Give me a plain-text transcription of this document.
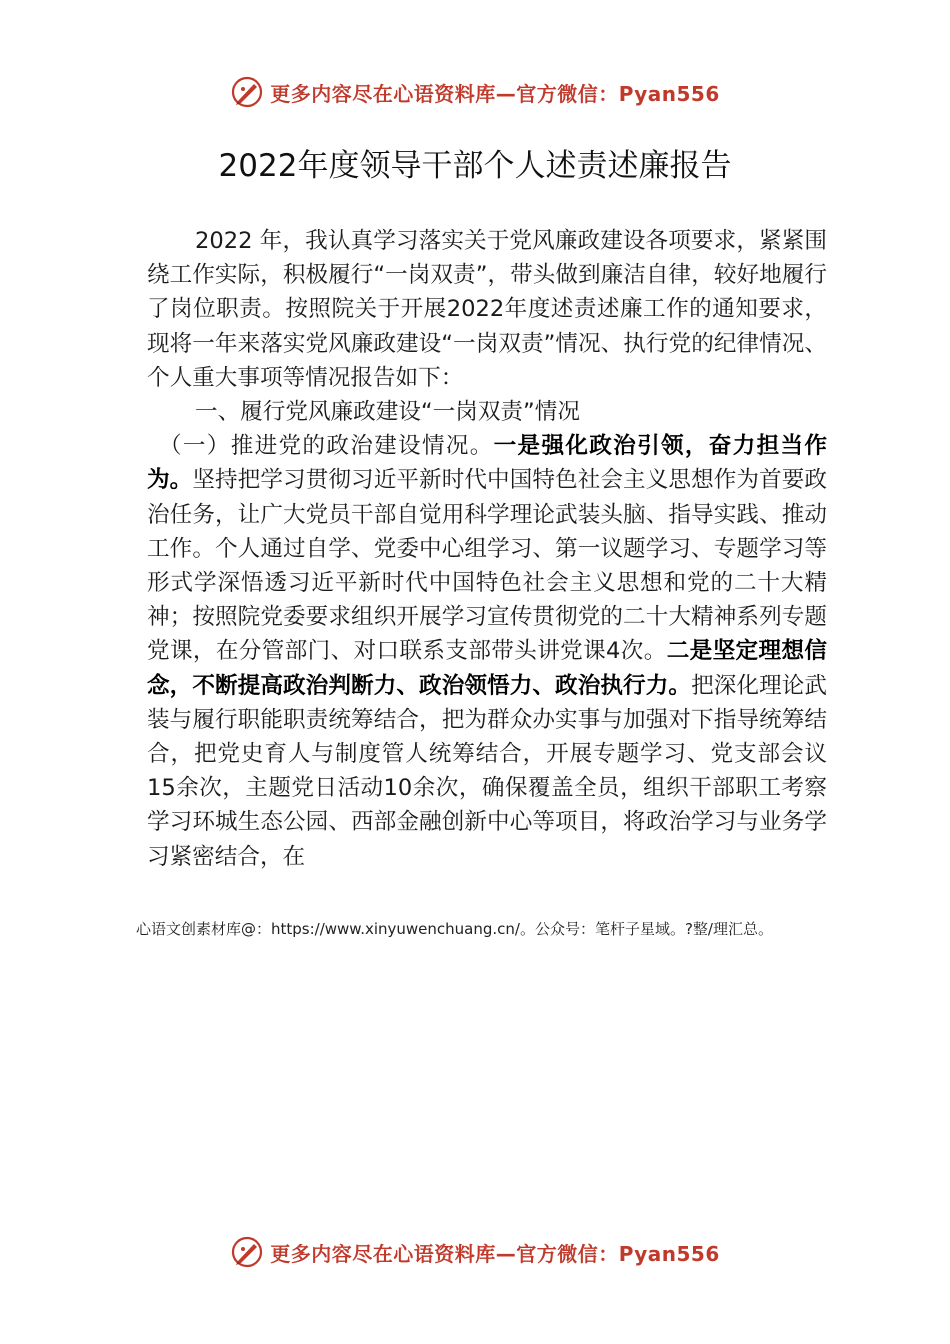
更多内容尽在心语资料库—官方微信：Pyan556
2022年度领导干部个人述责述廉报告

2022 年，我认真学习落实关于党风廉政建设各项要求，紧紧围绕工作实际，积极履行“一岗双责”，带头做到廉洁自律，较好地履行了岗位职责。按照院关于开展2022年度述责述廉工作的通知要求，现将一年来落实党风廉政建设“一岗双责”情况、执行党的纪律情况、个人重大事项等情况报告如下：

一、履行党风廉政建设“一岗双责”情况

（一）推进党的政治建设情况。一是强化政治引领，奋力担当作为。坚持把学习贯彻习近平新时代中国特色社会主义思想作为首要政治任务，让广大党员干部自觉用科学理论武装头脑、指导实践、推动工作。个人通过自学、党委中心组学习、第一议题学习、专题学习等形式学深悟透习近平新时代中国特色社会主义思想和党的二十大精神；按照院党委要求组织开展学习宣传贯彻党的二十大精神系列专题党课，在分管部门、对口联系支部带头讲党课4次。二是坚定理想信念，不断提高政治判断力、政治领悟力、政治执行力。把深化理论武装与履行职能职责统筹结合，把为群众办实事与加强对下指导统筹结合，把党史育人与制度管人统筹结合，开展专题学习、党支部会议15余次，主题党日活动10余次，确保覆盖全员，组织干部职工考察学习环城生态公园、西部金融创新中心等项目，将政治学习与业务学习紧密结合，在

心语文创素材库@：https://www.xinyuwenchuang.cn/。公众号：笔杆子星域。?整/理汇总。
更多内容尽在心语资料库—官方微信：Pyan556
